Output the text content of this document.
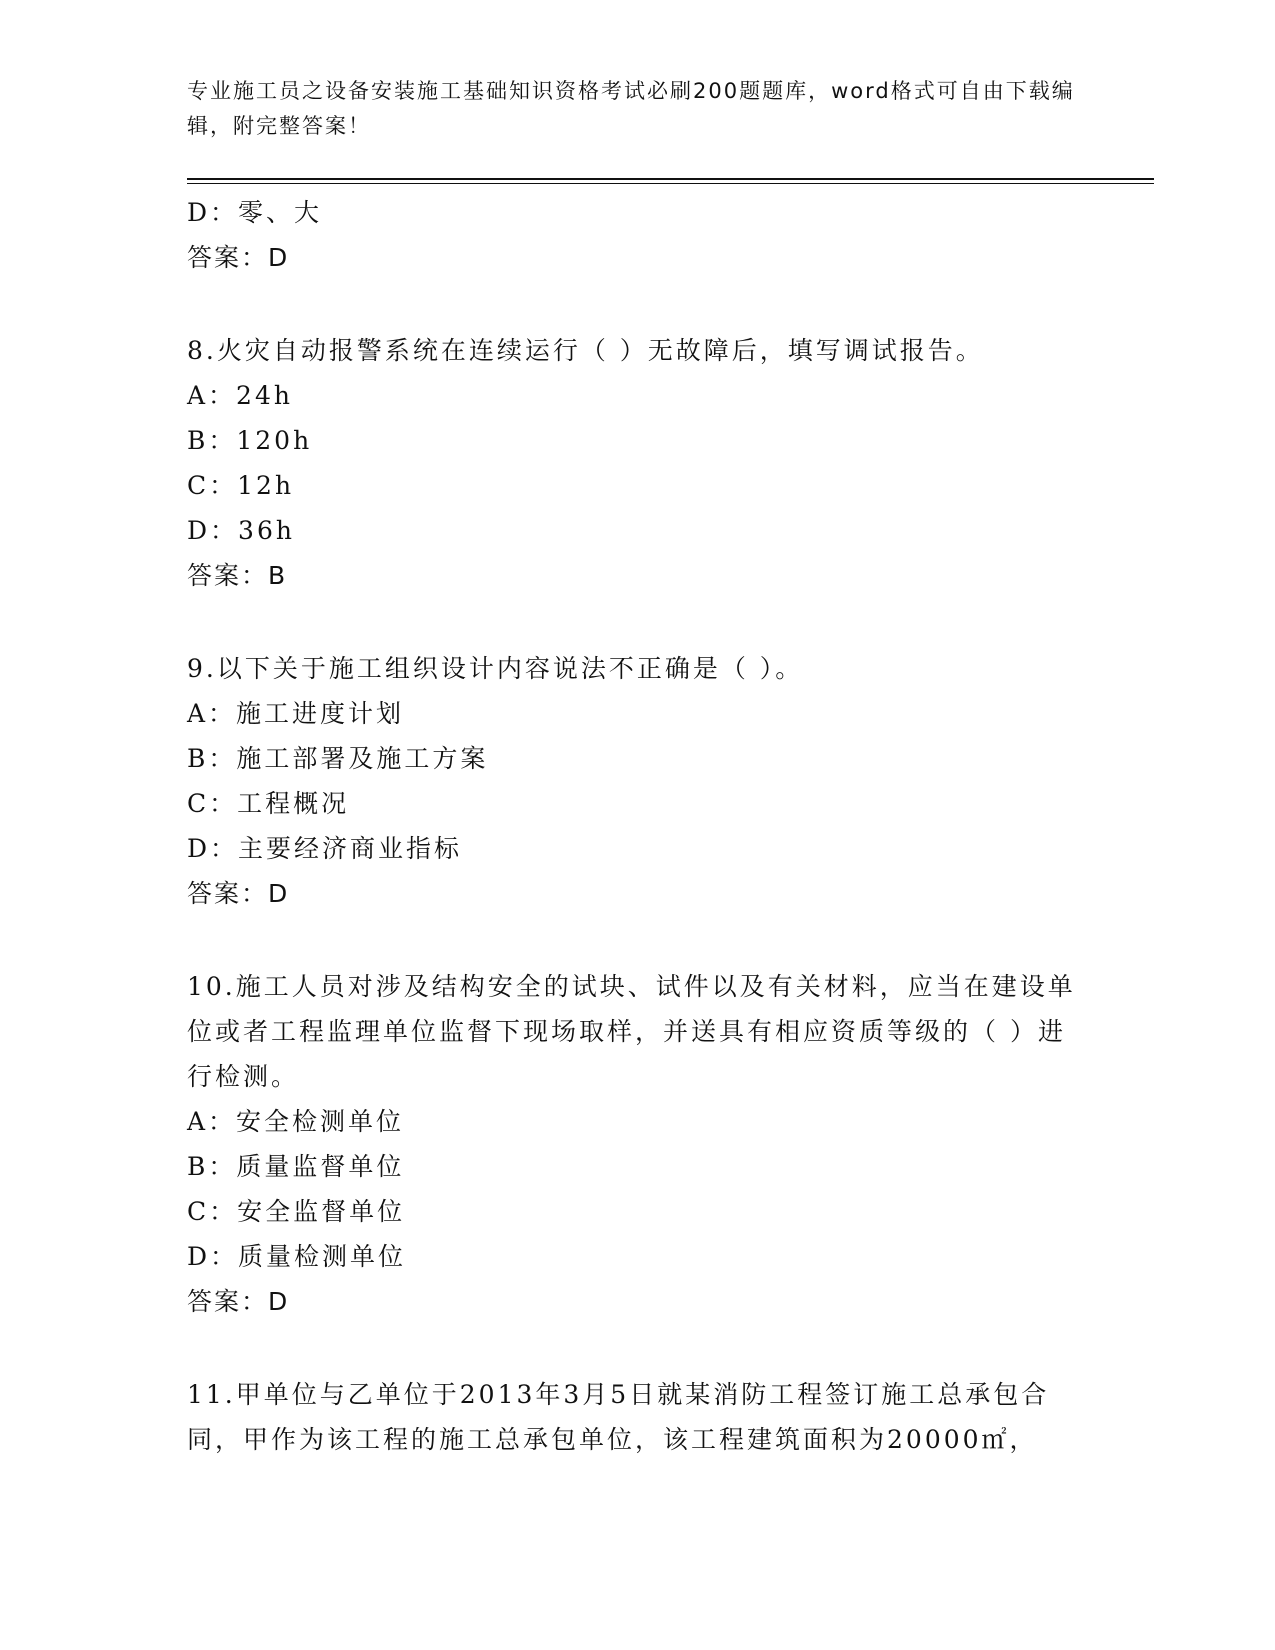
专业施工员之设备安装施工基础知识资格考试必刷200题题库，word格式可自由下载编辑，附完整答案！
D：零、大
答案：D
8.火灾自动报警系统在连续运行（ ）无故障后，填写调试报告。
A：24h
B：120h
C：12h
D：36h
答案：B
9.以下关于施工组织设计内容说法不正确是（ ）。
A：施工进度计划
B：施工部署及施工方案
C：工程概况
D：主要经济商业指标
答案：D
10.施工人员对涉及结构安全的试块、试件以及有关材料，应当在建设单位或者工程监理单位监督下现场取样，并送具有相应资质等级的（ ）进行检测。
A：安全检测单位
B：质量监督单位
C：安全监督单位
D：质量检测单位
答案：D
11.甲单位与乙单位于2013年3月5日就某消防工程签订施工总承包合同，甲作为该工程的施工总承包单位，该工程建筑面积为20000㎡，
